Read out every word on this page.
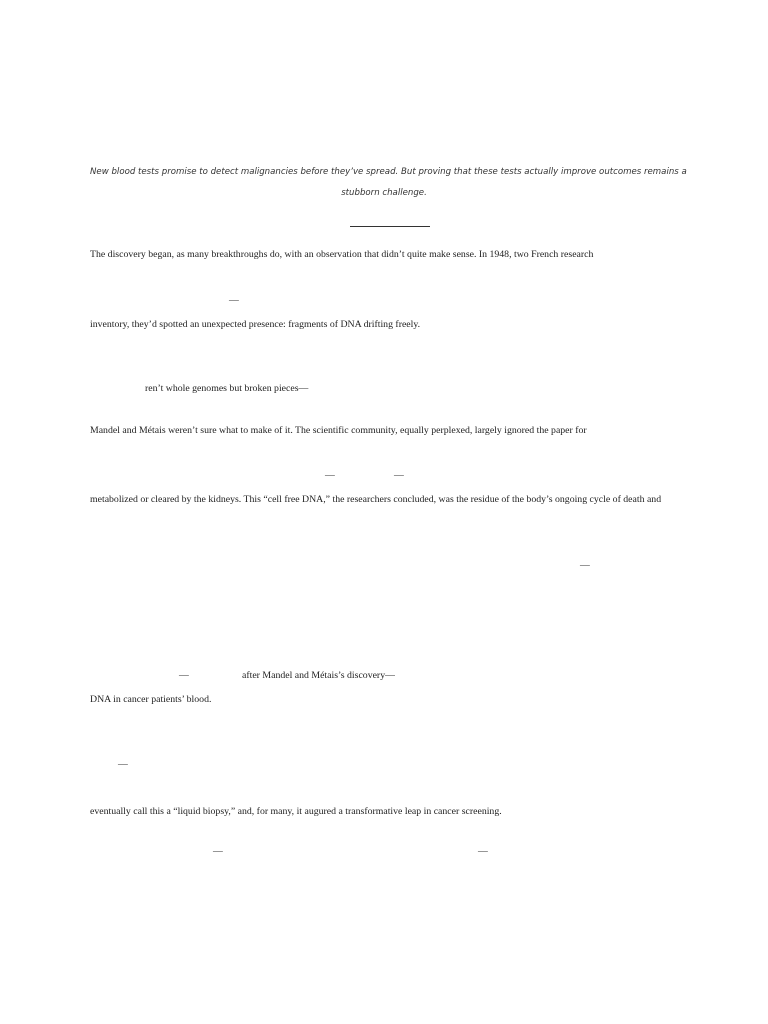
New blood tests promise to detect malignancies before they’ve spread. But proving that these tests actually improve outcomes remains a

stubborn challenge.

The discovery began, as many breakthroughs do, with an observation that didn’t quite make sense. In 1948, two French research

—

inventory, they’d spotted an unexpected presence: fragments of DNA drifting freely.

ren’t whole genomes but broken pieces—

Mandel and Métais weren’t sure what to make of it. The scientific community, equally perplexed, largely ignored the paper for

—	—

metabolized or cleared by the kidneys. This “cell free DNA,” the researchers concluded, was the residue of the body’s ongoing cycle of death and

—
—	after Mandel and Métais’s discovery—

DNA in cancer patients’ blood.

—

eventually call this a “liquid biopsy,” and, for many, it augured a transformative leap in cancer screening.

—	—
